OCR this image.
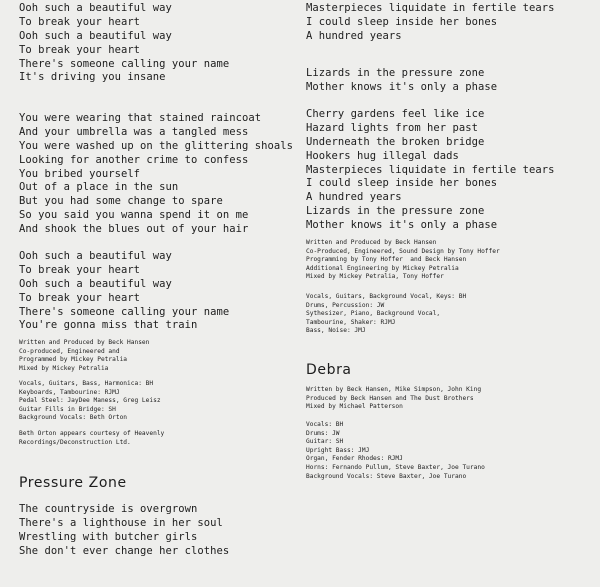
Ooh such a beautiful way
To break your heart
Ooh such a beautiful way
To break your heart
There's someone calling your name
It's driving you insane
You were wearing that stained raincoat
And your umbrella was a tangled mess
You were washed up on the glittering shoals
Looking for another crime to confess
You bribed yourself
Out of a place in the sun
But you had some change to spare
So you said you wanna spend it on me
And shook the blues out of your hair
Ooh such a beautiful way
To break your heart
Ooh such a beautiful way
To break your heart
There's someone calling your name
You're gonna miss that train
Written and Produced by Beck Hansen
Co-produced, Engineered and
Programmed by Mickey Petralia
Mixed by Mickey Petralia
Vocals, Guitars, Bass, Harmonica: BH
Keyboards, Tambourine: RJMJ
Pedal Steel: JayDee Maness, Greg Leisz
Guitar Fills in Bridge: SH
Background Vocals: Beth Orton
Beth Orton appears courtesy of Heavenly
Recordings/Deconstruction Ltd.
Pressure Zone
The countryside is overgrown
There's a lighthouse in her soul
Wrestling with butcher girls
She don't ever change her clothes
Masterpieces liquidate in fertile tears
I could sleep inside her bones
A hundred years
Lizards in the pressure zone
Mother knows it's only a phase
Cherry gardens feel like ice
Hazard lights from her past
Underneath the broken bridge
Hookers hug illegal dads
Masterpieces liquidate in fertile tears
I could sleep inside her bones
A hundred years
Lizards in the pressure zone
Mother knows it's only a phase
Written and Produced by Beck Hansen
Co-Produced, Engineered, Sound Design by Tony Hoffer
Programming by Tony Hoffer  and Beck Hansen
Additional Engineering by Mickey Petralia
Mixed by Mickey Petralia, Tony Hoffer
Vocals, Guitars, Background Vocal, Keys: BH
Drums, Percussion: JW
Sythesizer, Piano, Background Vocal,
Tambourine, Shaker: RJMJ
Bass, Noise: JMJ
Debra
Written by Beck Hansen, Mike Simpson, John King
Produced by Beck Hansen and The Dust Brothers
Mixed by Michael Patterson
Vocals: BH
Drums: JW
Guitar: SH
Upright Bass: JMJ
Organ, Fender Rhodes: RJMJ
Horns: Fernando Pullum, Steve Baxter, Joe Turano
Background Vocals: Steve Baxter, Joe Turano
